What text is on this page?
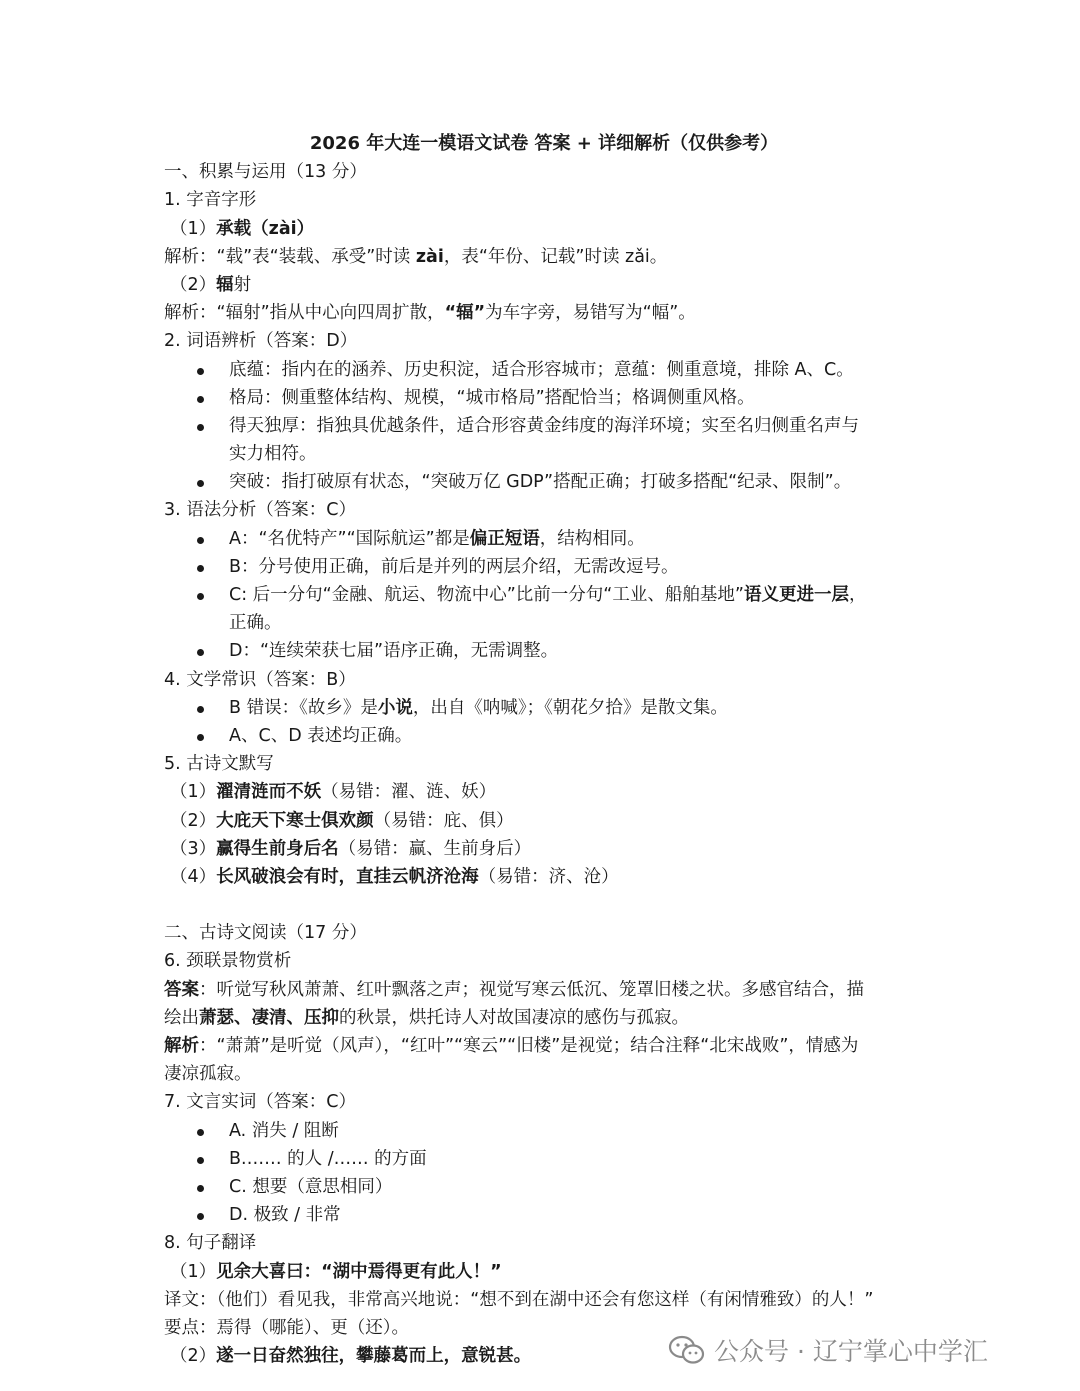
2026 年大连一模语文试卷 答案 + 详细解析（仅供参考）
一、积累与运用（13 分）
1. 字音字形
（1）承载（zài）
解析：“载”表“装载、承受”时读 zài，表“年份、记载”时读 zǎi。
（2）辐射
解析：“辐射”指从中心向四周扩散，“辐”为车字旁，易错写为“幅”。
2. 词语辨析（答案：D）
底蕴：指内在的涵养、历史积淀，适合形容城市；意蕴：侧重意境，排除 A、C。
格局：侧重整体结构、规模，“城市格局”搭配恰当；格调侧重风格。
得天独厚：指独具优越条件，适合形容黄金纬度的海洋环境；实至名归侧重名声与
实力相符。
突破：指打破原有状态，“突破万亿 GDP”搭配正确；打破多搭配“纪录、限制”。
3. 语法分析（答案：C）
A：“名优特产”“国际航运”都是偏正短语，结构相同。
B：分号使用正确，前后是并列的两层介绍，无需改逗号。
C: 后一分句“金融、航运、物流中心”比前一分句“工业、船舶基地”语义更进一层，
正确。
D：“连续荣获七届”语序正确，无需调整。
4. 文学常识（答案：B）
B 错误：《故乡》是小说，出自《呐喊》；《朝花夕拾》是散文集。
A、C、D 表述均正确。
5. 古诗文默写
（1）濯清涟而不妖（易错：濯、涟、妖）
（2）大庇天下寒士俱欢颜（易错：庇、俱）
（3）赢得生前身后名（易错：赢、生前身后）
（4）长风破浪会有时，直挂云帆济沧海（易错：济、沧）
二、古诗文阅读（17 分）
6. 颈联景物赏析
答案：听觉写秋风萧萧、红叶飘落之声；视觉写寒云低沉、笼罩旧楼之状。多感官结合，描
绘出萧瑟、凄清、压抑的秋景，烘托诗人对故国凄凉的感伤与孤寂。
解析：“萧萧”是听觉（风声），“红叶”“寒云”“旧楼”是视觉；结合注释“北宋战败”，情感为
凄凉孤寂。
7. 文言实词（答案：C）
A. 消失 / 阻断
B.…… 的人 /…… 的方面
C. 想要（意思相同）
D. 极致 / 非常
8. 句子翻译
（1）见余大喜曰：“湖中焉得更有此人！”
译文：（他们）看见我，非常高兴地说：“想不到在湖中还会有您这样（有闲情雅致）的人！”
要点：焉得（哪能）、更（还）。
（2）遂一日奋然独往，攀藤葛而上，意锐甚。	公众号 · 辽宁掌心中学汇
